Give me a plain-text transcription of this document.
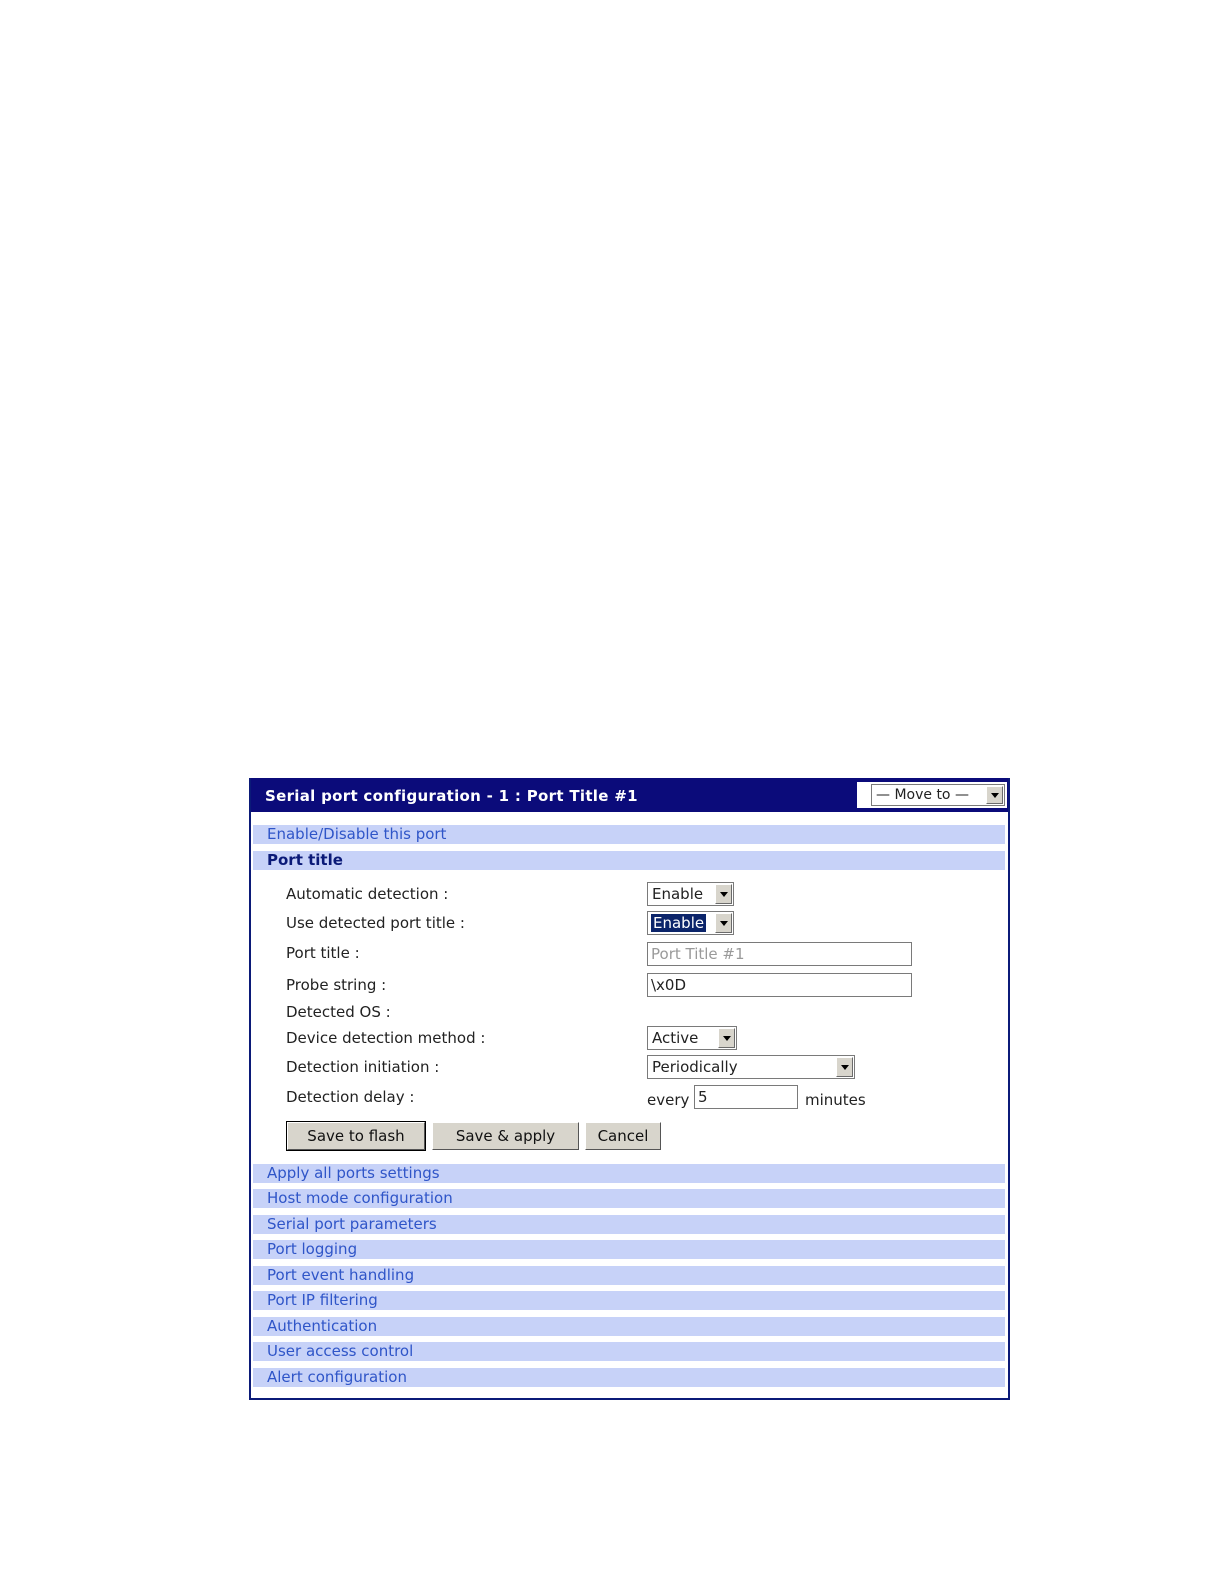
Serial port configuration - 1 : Port Title #1	— Move to —
Enable/Disable this port
Port title
Automatic detection :	Enable
Use detected port title :	Enable
Port title :	Port Title #1
Probe string :	\x0D
Detected OS :
Device detection method :	Active
Detection initiation :	Periodically
Detection delay :	every 5	minutes
Save to flash	Save & apply	Cancel
Apply all ports settings
Host mode configuration
Serial port parameters
Port logging
Port event handling
Port IP filtering
Authentication
User access control
Alert configuration
